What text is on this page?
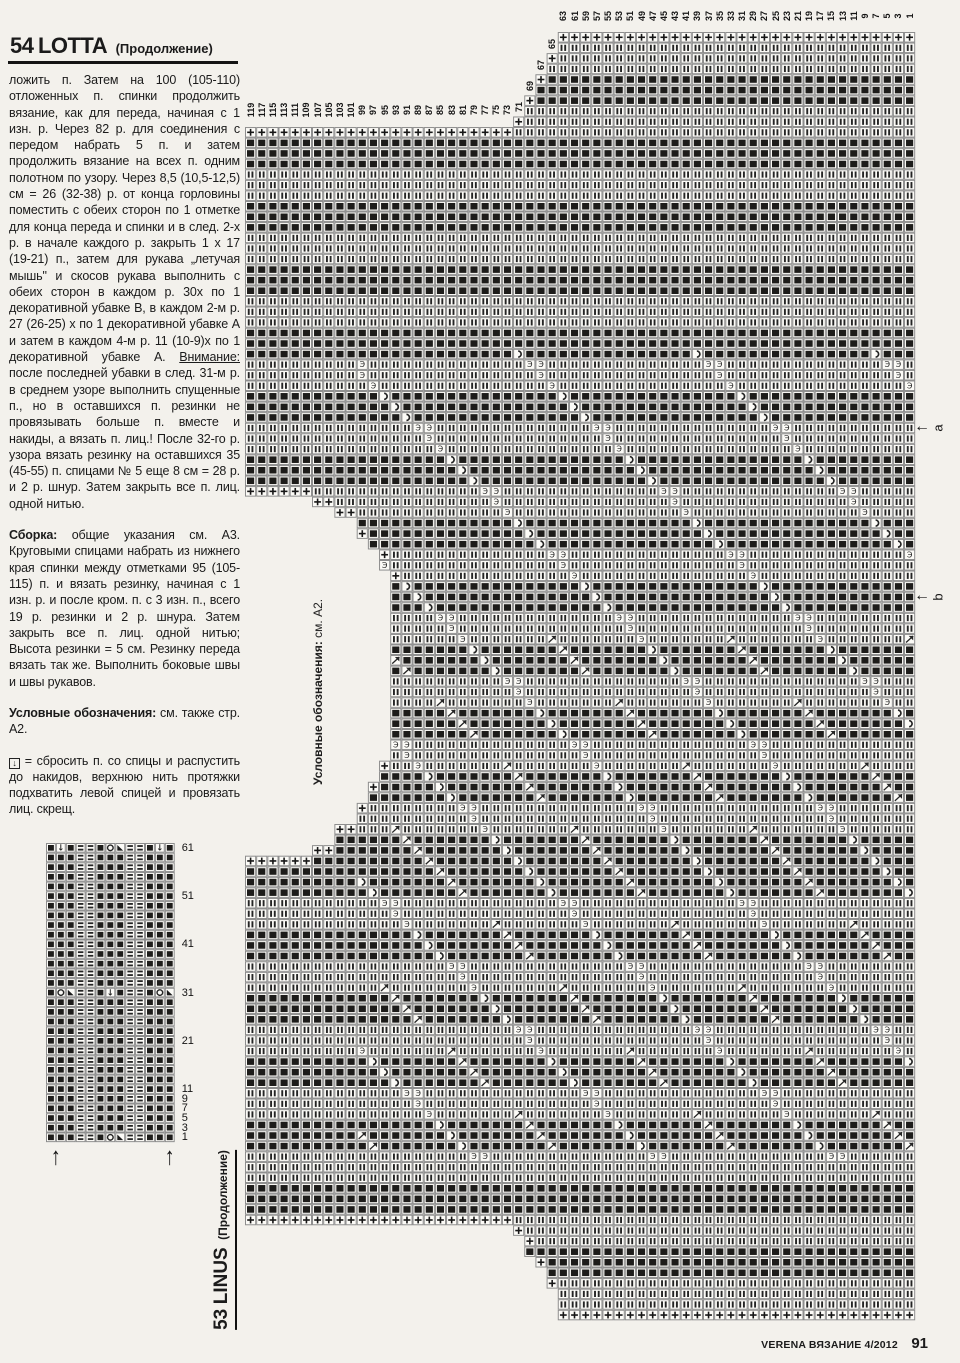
54 LOTTA (Продолжение)

ложить п. Затем на 100 (105-110) отложенных п. спинки продолжить вязание, как для переда, начиная с 1 изн. р. Через 82 р. для соединения с передом набрать 5 п. и затем продолжить вязание на всех п. одним полотном по узору. Через 8,5 (10,5-12,5) см = 26 (32-38) р. от конца горловины поместить с обеих сторон по 1 отметке для конца переда и спинки и в след. 2-х р. в начале каждого р. закрыть 1 х 17 (19-21) п., затем для рукава „летучая мышь" и скосов рукава выполнить с обеих сторон в каждом р. 30х по 1 декоративной убавке В, в каждом 2-м р. 27 (26-25) х по 1 декоративной убавке А и затем в каждом 4-м р. 11 (10-9)х по 1 декоративной убавке А. Внимание: после последней убавки в след. 31-м р. в среднем узоре выполнить спущенные п., но в оставшихся п. резинки не провязывать больше п. вместе и накиды, а вязать п. лиц.! После 32-го р. узора вязать резинку на оставшихся 35 (45-55) п. спицами № 5 еще 8 см = 28 р. и 2 р. шнур. Затем закрыть все п. лиц. одной нитью.

Сборка: общие указания см. А3. Круговыми спицами набрать из нижнего края спинки между отметками 95 (105-115) п. и вязать резинку, начиная с 1 изн. р. и после кром. п. с 3 изн. п., всего 19 р. резинки и 2 р. шнура. Затем закрыть все п. лиц. одной нитью; Высота резинки = 5 см. Резинку переда вязать так же. Выполнить боковые швы и швы рукавов.

Условные обозначения: см. также стр. А2.

↓ = сбросить п. со спицы и распустить до накидов, верхнюю нить протяжки подхватить левой спицей и провязать лиц. скрещ.

61
51
41
31
21
11
9
7
5
3
1
↑	↑
53 LINUS (Продолжение)
119 117 115 113 111 109 107 105 103 101 99 97 95 93 91 89 87 85 83 81 79 77 75 73 71
69
67
65
63 61 59 57 55 53 51 49 47 45 43 41 39 37 35 33 31 29 27 25 23 21 19 17 15 13 11 9 7 5 3 1
← a
← b
Условные обозначения: см. А2.
VERENA ВЯЗАНИЕ 4/2012 91
